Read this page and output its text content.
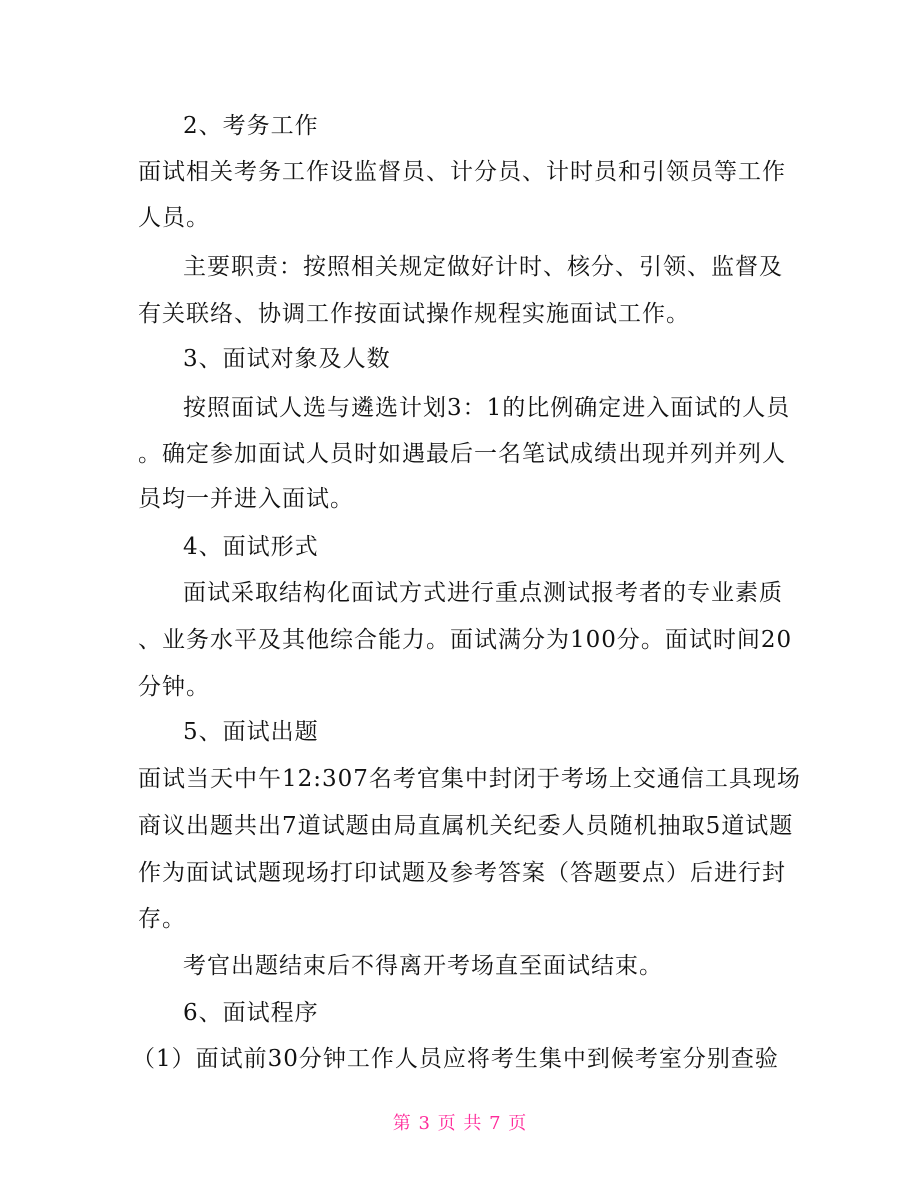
2、考务工作
面试相关考务工作设监督员、计分员、计时员和引领员等工作
人员。
主要职责：按照相关规定做好计时、核分、引领、监督及
有关联络、协调工作按面试操作规程实施面试工作。
3、面试对象及人数
按照面试人选与遴选计划3：1的比例确定进入面试的人员
。确定参加面试人员时如遇最后一名笔试成绩出现并列并列人
员均一并进入面试。
4、面试形式
面试采取结构化面试方式进行重点测试报考者的专业素质
、业务水平及其他综合能力。面试满分为100分。面试时间20
分钟。
5、面试出题
面试当天中午12:307名考官集中封闭于考场上交通信工具现场
商议出题共出7道试题由局直属机关纪委人员随机抽取5道试题
作为面试试题现场打印试题及参考答案（答题要点）后进行封
存。
考官出题结束后不得离开考场直至面试结束。
6、面试程序
（1）面试前30分钟工作人员应将考生集中到候考室分别查验
第 3 页 共 7 页
